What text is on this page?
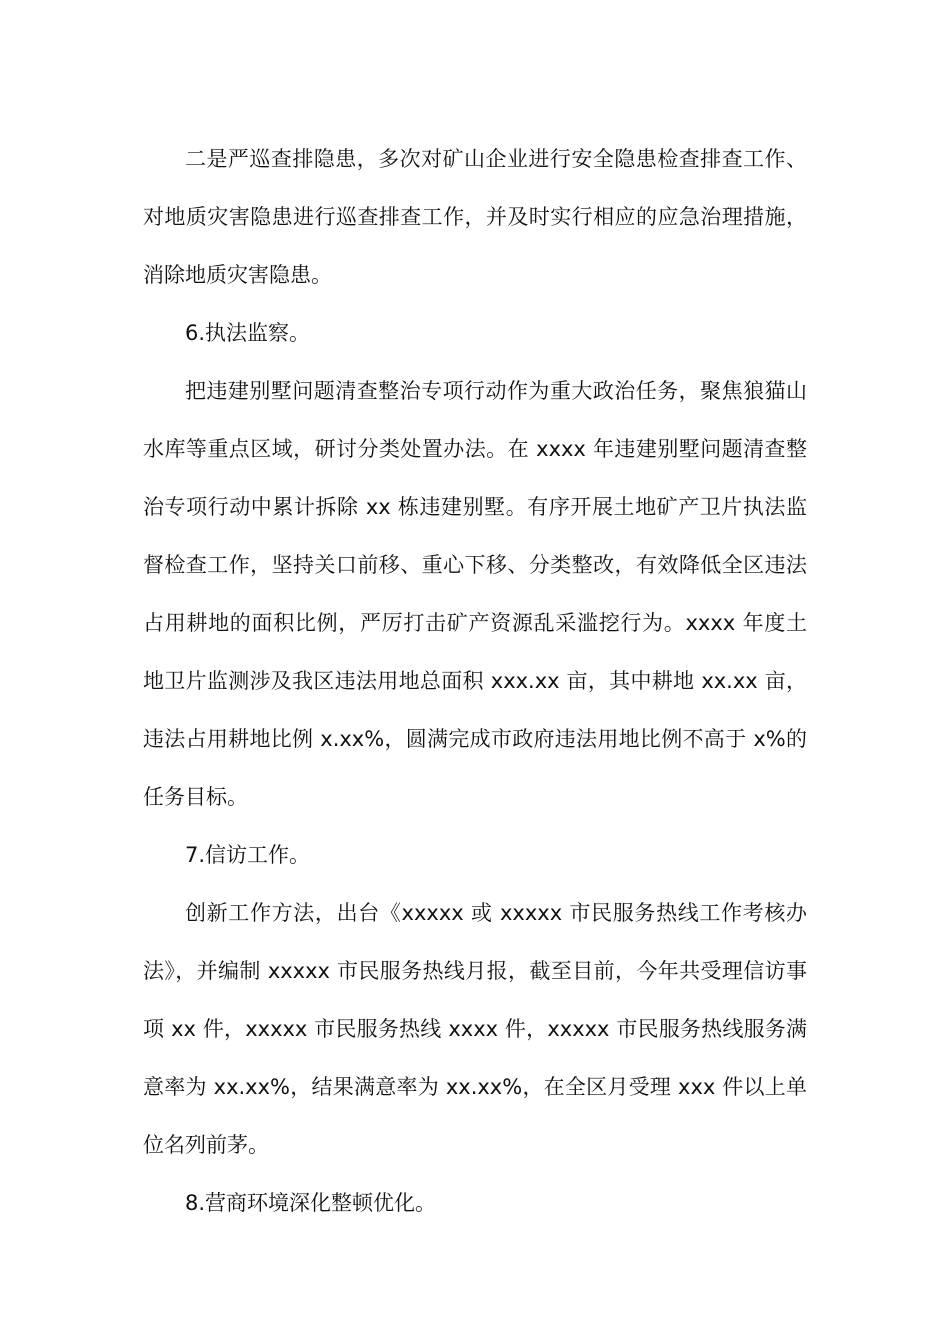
二是严巡查排隐患，多次对矿山企业进行安全隐患检查排查工作、对地质灾害隐患进行巡查排查工作，并及时实行相应的应急治理措施，消除地质灾害隐患。

6.执法监察。

把违建别墅问题清查整治专项行动作为重大政治任务，聚焦狼猫山水库等重点区域，研讨分类处置办法。在 xxxx 年违建别墅问题清查整治专项行动中累计拆除 xx 栋违建别墅。有序开展土地矿产卫片执法监督检查工作，坚持关口前移、重心下移、分类整改，有效降低全区违法占用耕地的面积比例，严厉打击矿产资源乱采滥挖行为。xxxx 年度土地卫片监测涉及我区违法用地总面积 xxx.xx 亩，其中耕地 xx.xx 亩，违法占用耕地比例 x.xx%，圆满完成市政府违法用地比例不高于 x%的任务目标。

7.信访工作。

创新工作方法，出台《xxxxx 或 xxxxx 市民服务热线工作考核办法》，并编制 xxxxx 市民服务热线月报，截至目前，今年共受理信访事项 xx 件，xxxxx 市民服务热线 xxxx 件，xxxxx 市民服务热线服务满意率为 xx.xx%，结果满意率为 xx.xx%，在全区月受理 xxx 件以上单位名列前茅。

8.营商环境深化整顿优化。
